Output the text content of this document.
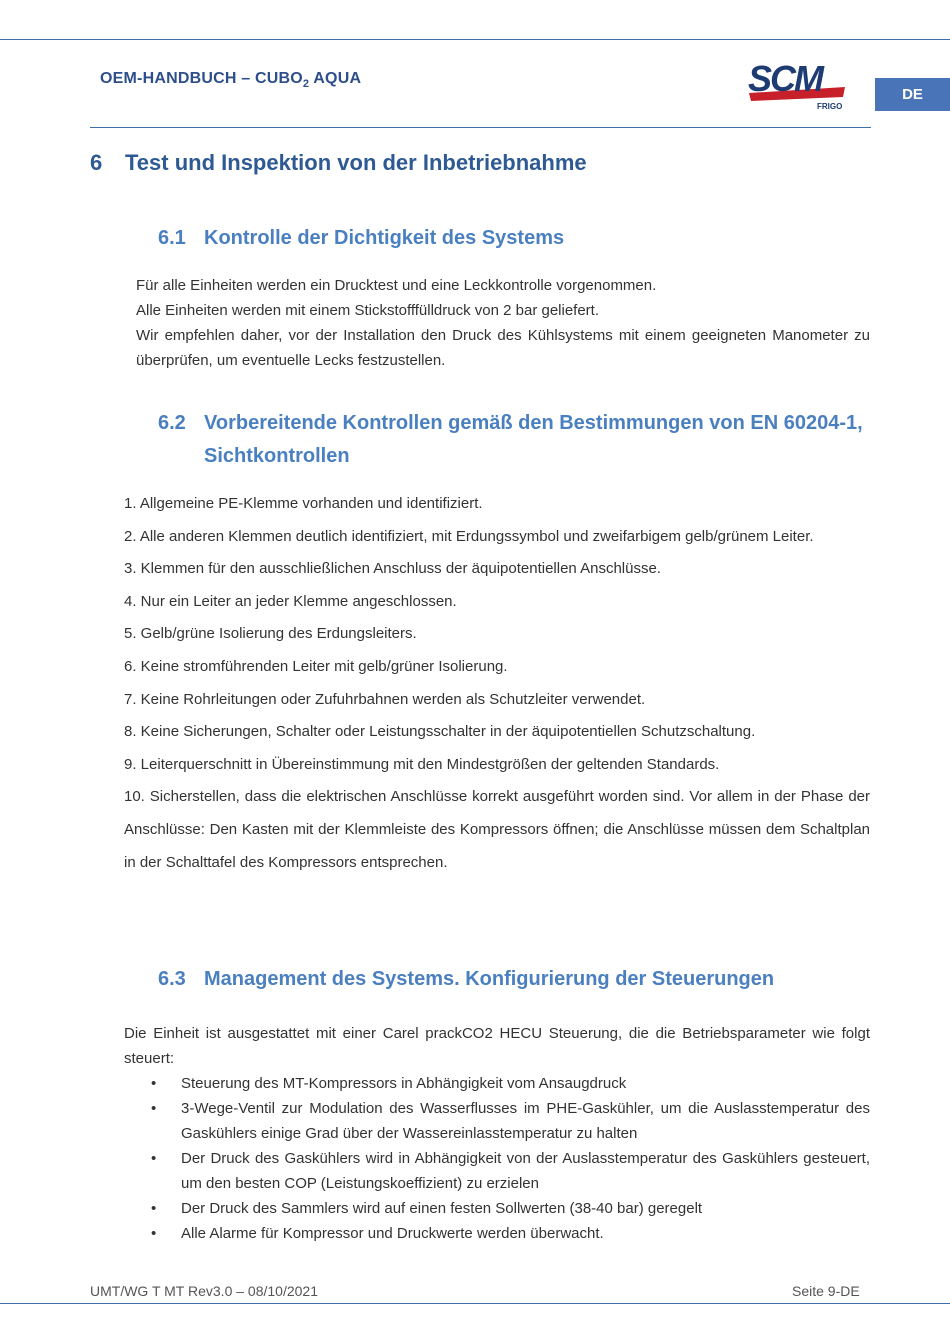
OEM-HANDBUCH – $CUBO_2$ AQUA	SCM
FRIGO
DE
6 Test und Inspektion von der Inbetriebnahme
6.1 Kontrolle der Dichtigkeit des Systems

Für alle Einheiten werden ein Drucktest und eine Leckkontrolle vorgenommen.

Alle Einheiten werden mit einem Stickstofffülldruck von 2 bar geliefert.

Wir empfehlen daher, vor der Installation den Druck des Kühlsystems mit einem geeigneten Manometer zu überprüfen, um eventuelle Lecks festzustellen.

6.2 Vorbereitende Kontrollen gemäß den Bestimmungen von EN 60204-1, Sichtkontrollen
1. Allgemeine PE-Klemme vorhanden und identifiziert.
2. Alle anderen Klemmen deutlich identifiziert, mit Erdungssymbol und zweifarbigem gelb/grünem Leiter.
3. Klemmen für den ausschließlichen Anschluss der äquipotentiellen Anschlüsse.
4. Nur ein Leiter an jeder Klemme angeschlossen.
5. Gelb/grüne Isolierung des Erdungsleiters.
6. Keine stromführenden Leiter mit gelb/grüner Isolierung.
7. Keine Rohrleitungen oder Zufuhrbahnen werden als Schutzleiter verwendet.
8. Keine Sicherungen, Schalter oder Leistungsschalter in der äquipotentiellen Schutzschaltung.
9. Leiterquerschnitt in Übereinstimmung mit den Mindestgrößen der geltenden Standards.
10. Sicherstellen, dass die elektrischen Anschlüsse korrekt ausgeführt worden sind. Vor allem in der Phase der Anschlüsse: Den Kasten mit der Klemmleiste des Kompressors öffnen; die Anschlüsse müssen dem Schaltplan in der Schalttafel des Kompressors entsprechen.
6.3 Management des Systems. Konfigurierung der Steuerungen

Die Einheit ist ausgestattet mit einer Carel prackCO2 HECU Steuerung, die die Betriebsparameter wie folgt steuert:

• Steuerung des MT-Kompressors in Abhängigkeit vom Ansaugdruck
• 3-Wege-Ventil zur Modulation des Wasserflusses im PHE-Gaskühler, um die Auslasstemperatur des Gaskühlers einige Grad über der Wassereinlasstemperatur zu halten
• Der Druck des Gaskühlers wird in Abhängigkeit von der Auslasstemperatur des Gaskühlers gesteuert, um den besten COP (Leistungskoeffizient) zu erzielen
• Der Druck des Sammlers wird auf einen festen Sollwerten (38-40 bar) geregelt
• Alle Alarme für Kompressor und Druckwerte werden überwacht.
UMT/WG T MT Rev3.0 – 08/10/2021	Seite 9-DE
